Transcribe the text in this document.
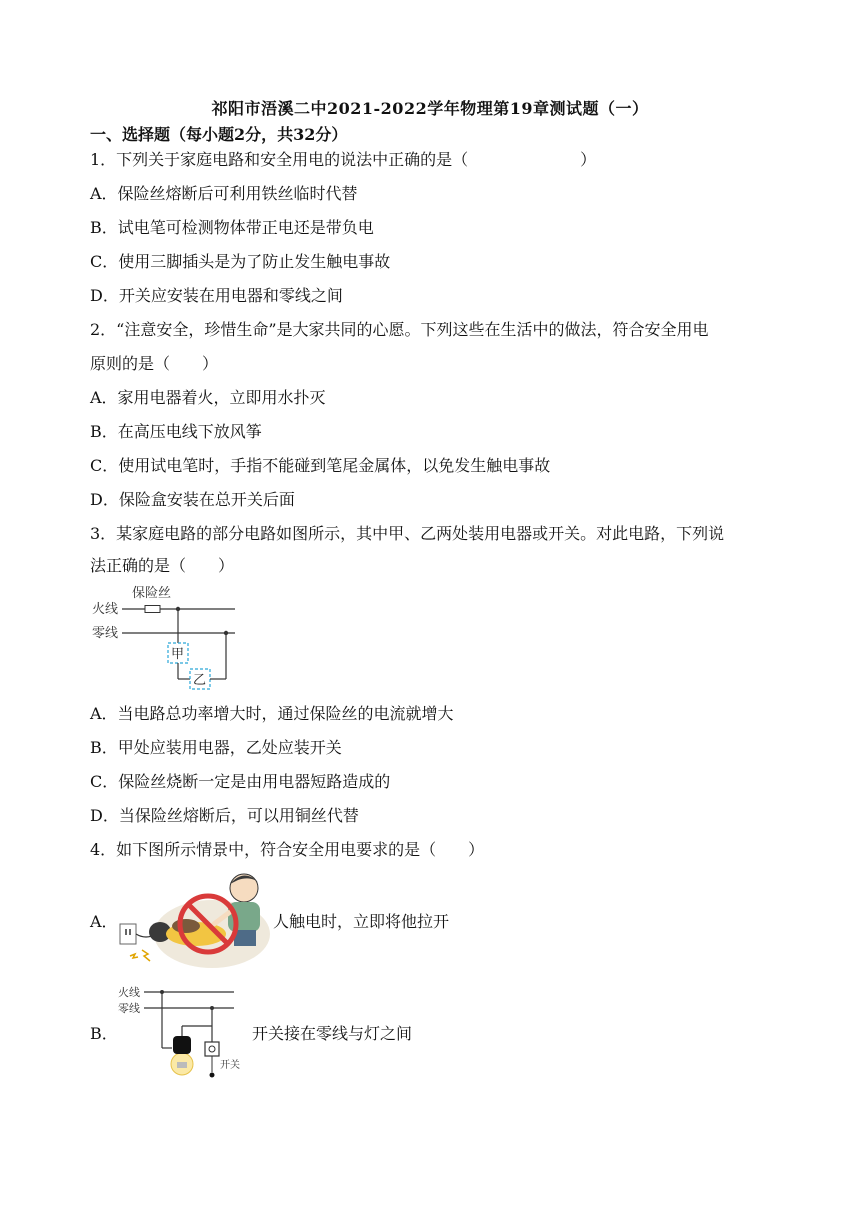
祁阳市浯溪二中2021-2022学年物理第19章测试题（一）
一、选择题（每小题2分，共32分）
1．下列关于家庭电路和安全用电的说法中正确的是（　　　　　　　）
A．保险丝熔断后可利用铁丝临时代替
B．试电笔可检测物体带正电还是带负电
C．使用三脚插头是为了防止发生触电事故
D．开关应安装在用电器和零线之间
2．“注意安全，珍惜生命”是大家共同的心愿。下列这些在生活中的做法，符合安全用电
原则的是（　　）
A．家用电器着火，立即用水扑灭
B．在高压电线下放风筝
C．使用试电笔时，手指不能碰到笔尾金属体，以免发生触电事故
D．保险盒安装在总开关后面
3．某家庭电路的部分电路如图所示，其中甲、乙两处装用电器或开关。对此电路，下列说
法正确的是（　　）
保险丝
火线
零线
甲
乙
A．当电路总功率增大时，通过保险丝的电流就增大
B．甲处应装用电器，乙处应装开关
C．保险丝烧断一定是由用电器短路造成的
D．当保险丝熔断后，可以用铜丝代替
4．如下图所示情景中，符合安全用电要求的是（　　）
A．	人触电时，立即将他拉开
B．
火线
零线
开关
开关接在零线与灯之间
